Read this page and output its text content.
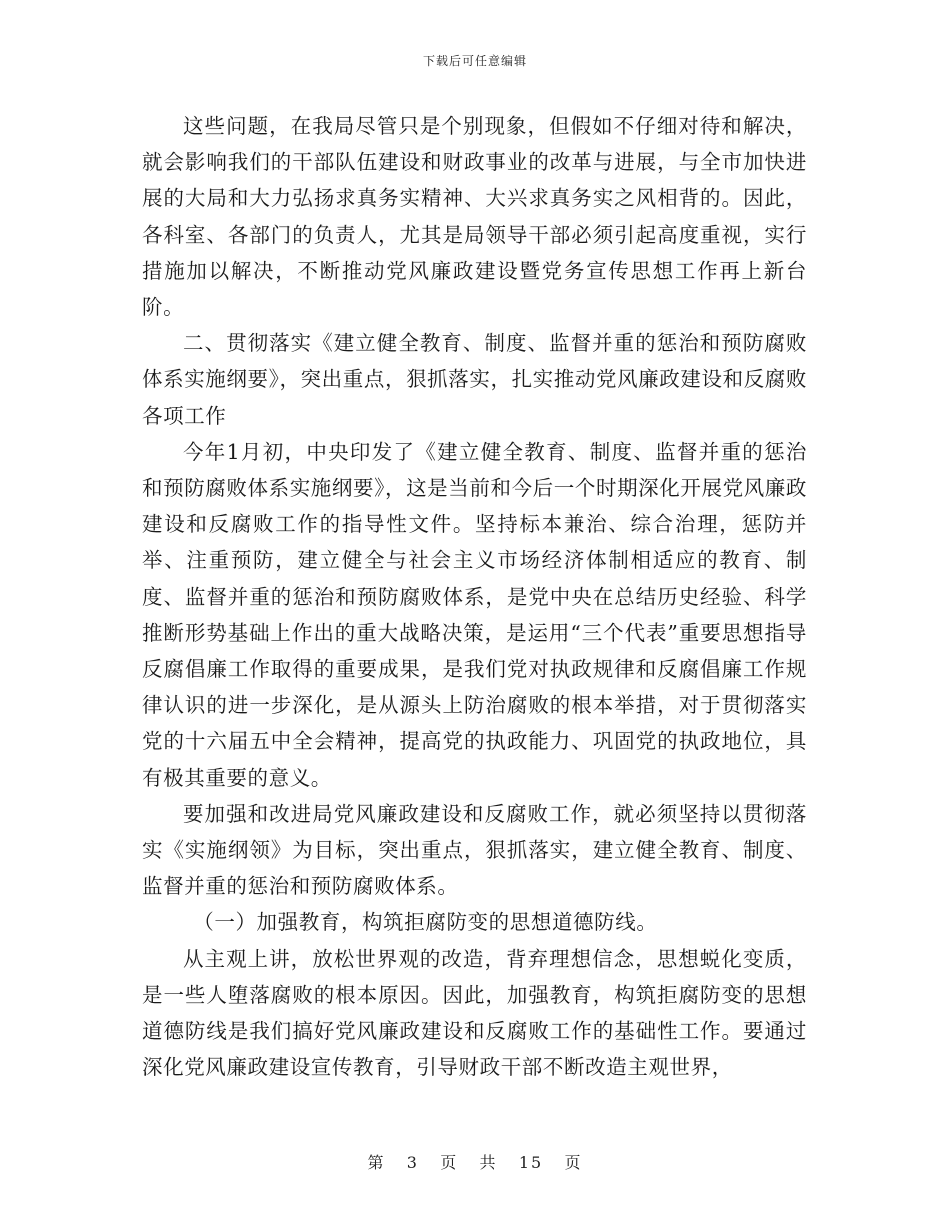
下载后可任意编辑

这些问题，在我局尽管只是个别现象，但假如不仔细对待和解决，就会影响我们的干部队伍建设和财政事业的改革与进展，与全市加快进展的大局和大力弘扬求真务实精神、大兴求真务实之风相背的。因此，各科室、各部门的负责人，尤其是局领导干部必须引起高度重视，实行措施加以解决，不断推动党风廉政建设暨党务宣传思想工作再上新台阶。

二、贯彻落实《建立健全教育、制度、监督并重的惩治和预防腐败体系实施纲要》，突出重点，狠抓落实，扎实推动党风廉政建设和反腐败各项工作

今年1月初，中央印发了《建立健全教育、制度、监督并重的惩治和预防腐败体系实施纲要》，这是当前和今后一个时期深化开展党风廉政建设和反腐败工作的指导性文件。坚持标本兼治、综合治理，惩防并举、注重预防，建立健全与社会主义市场经济体制相适应的教育、制度、监督并重的惩治和预防腐败体系，是党中央在总结历史经验、科学推断形势基础上作出的重大战略决策，是运用“三个代表”重要思想指导反腐倡廉工作取得的重要成果，是我们党对执政规律和反腐倡廉工作规律认识的进一步深化，是从源头上防治腐败的根本举措，对于贯彻落实党的十六届五中全会精神，提高党的执政能力、巩固党的执政地位，具有极其重要的意义。

要加强和改进局党风廉政建设和反腐败工作，就必须坚持以贯彻落实《实施纲领》为目标，突出重点，狠抓落实，建立健全教育、制度、监督并重的惩治和预防腐败体系。

（一）加强教育，构筑拒腐防变的思想道德防线。

从主观上讲，放松世界观的改造，背弃理想信念，思想蜕化变质，是一些人堕落腐败的根本原因。因此，加强教育，构筑拒腐防变的思想道德防线是我们搞好党风廉政建设和反腐败工作的基础性工作。要通过深化党风廉政建设宣传教育，引导财政干部不断改造主观世界，

第 3 页 共 15 页
